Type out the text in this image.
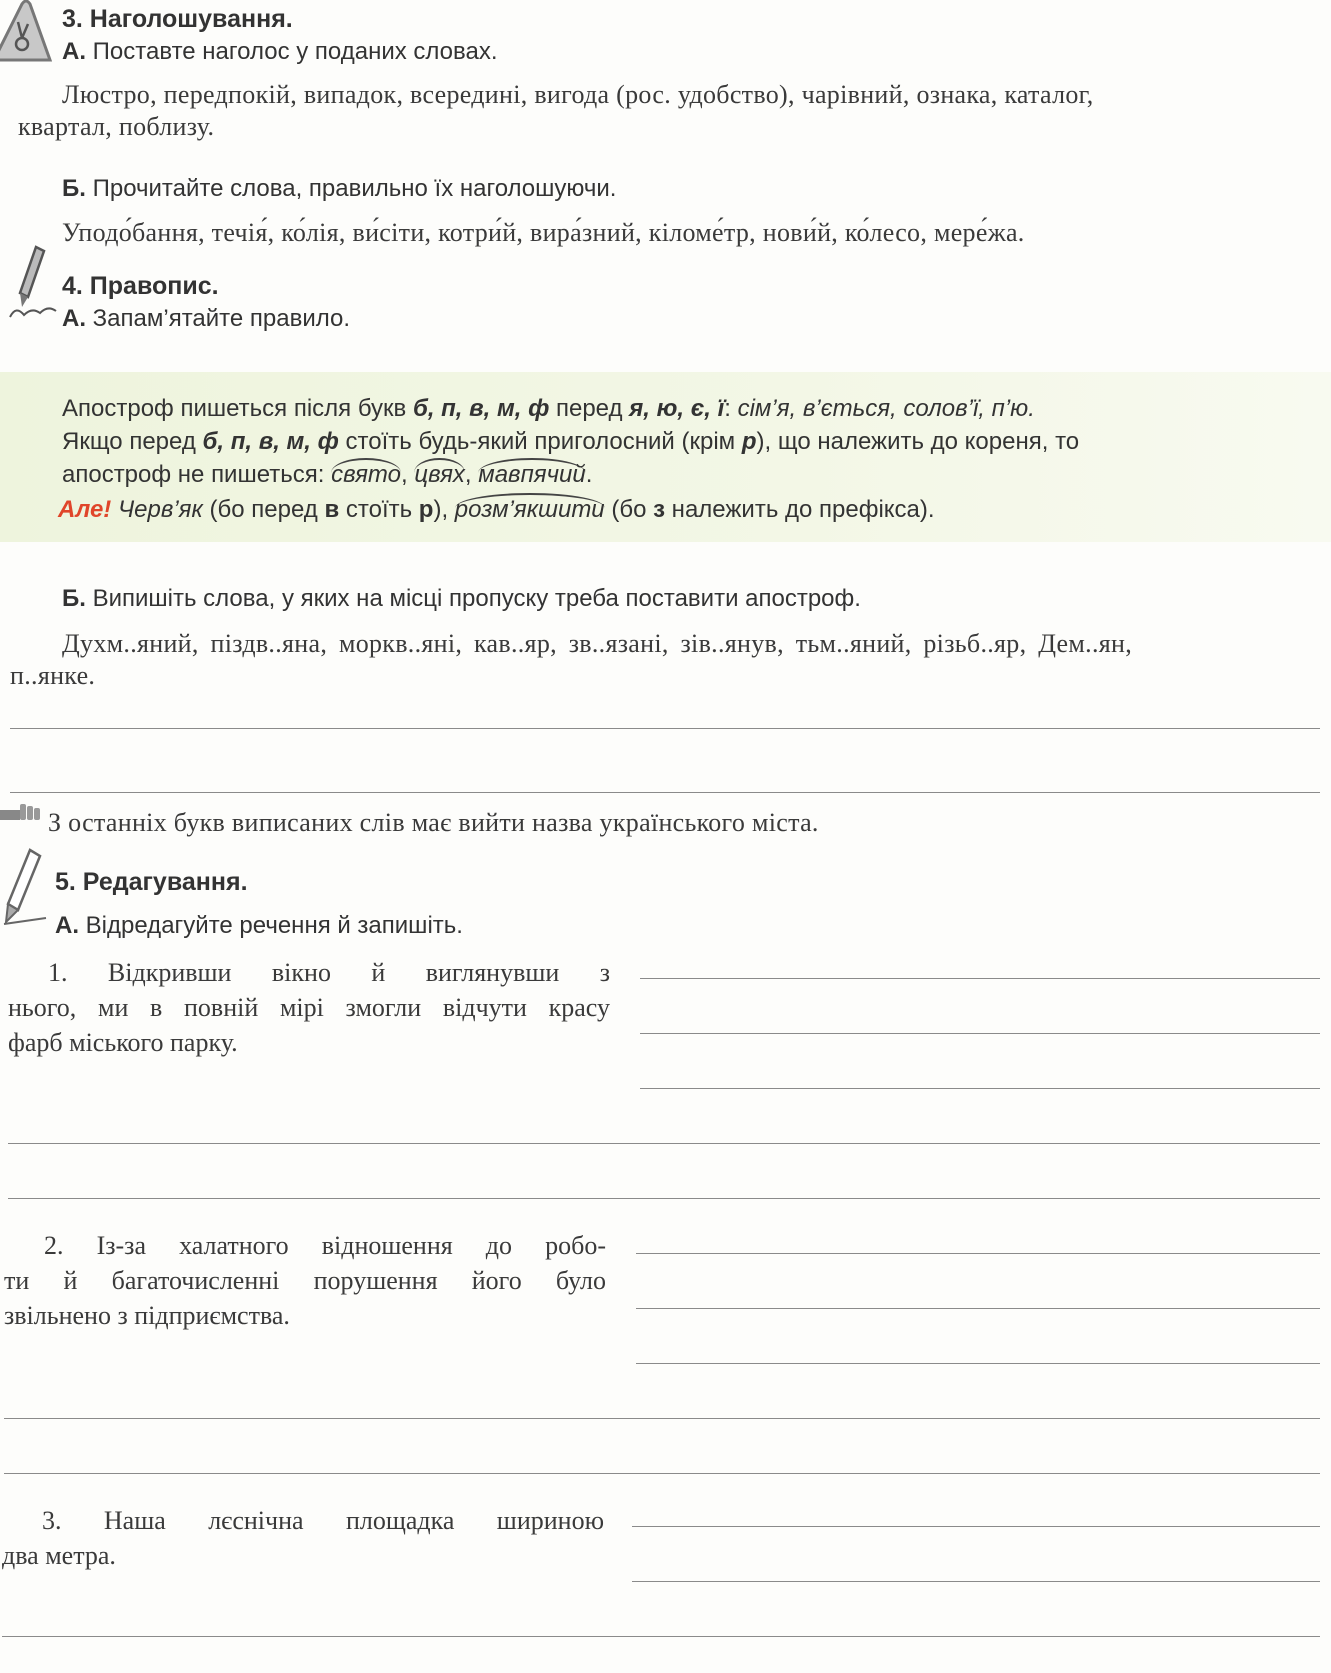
3. Наголошування.
А. Поставте наголос у поданих словах.
Люстро, передпокій, випадок, всередині, вигода (рос. удобство), чарівний, ознака, каталог,
квартал, поблизу.
Б. Прочитайте слова, правильно їх наголошуючи.
Уподо́бання, течія́, ко́лія, ви́сіти, котри́й, вира́зний, кіломе́тр, нови́й, ко́лесо, мере́жа.
4. Правопис.
А. Запам’ятайте правило.
Апостроф пишеться після букв б, п, в, м, ф перед я, ю, є, ї: сім’я, в’ється, солов’ї, п’ю.
Якщо перед б, п, в, м, ф стоїть будь-який приголосний (крім р), що належить до кореня, то
апостроф не пишеться: свято, цвях, мавпячий.
Але! Черв’як (бо перед в стоїть р), розм’якшити (бо з належить до префікса).
Б. Випишіть слова, у яких на місці пропуску треба поставити апостроф.
Духм..яний, піздв..яна, моркв..яні, кав..яр, зв..язані, зів..янув, тьм..яний, різьб..яр, Дем..ян,
п..янке.
З останніх букв виписаних слів має вийти назва українського міста.
5. Редагування.
А. Відредагуйте речення й запишіть.
1. Відкривши вікно й виглянувши з
нього, ми в повній мірі змогли відчути красу
фарб міського парку.
2. Із-за халатного відношення до робо-
ти й багаточисленні порушення його було
звільнено з підприємства.
3. Наша лєснічна площадка шириною
два метра.
